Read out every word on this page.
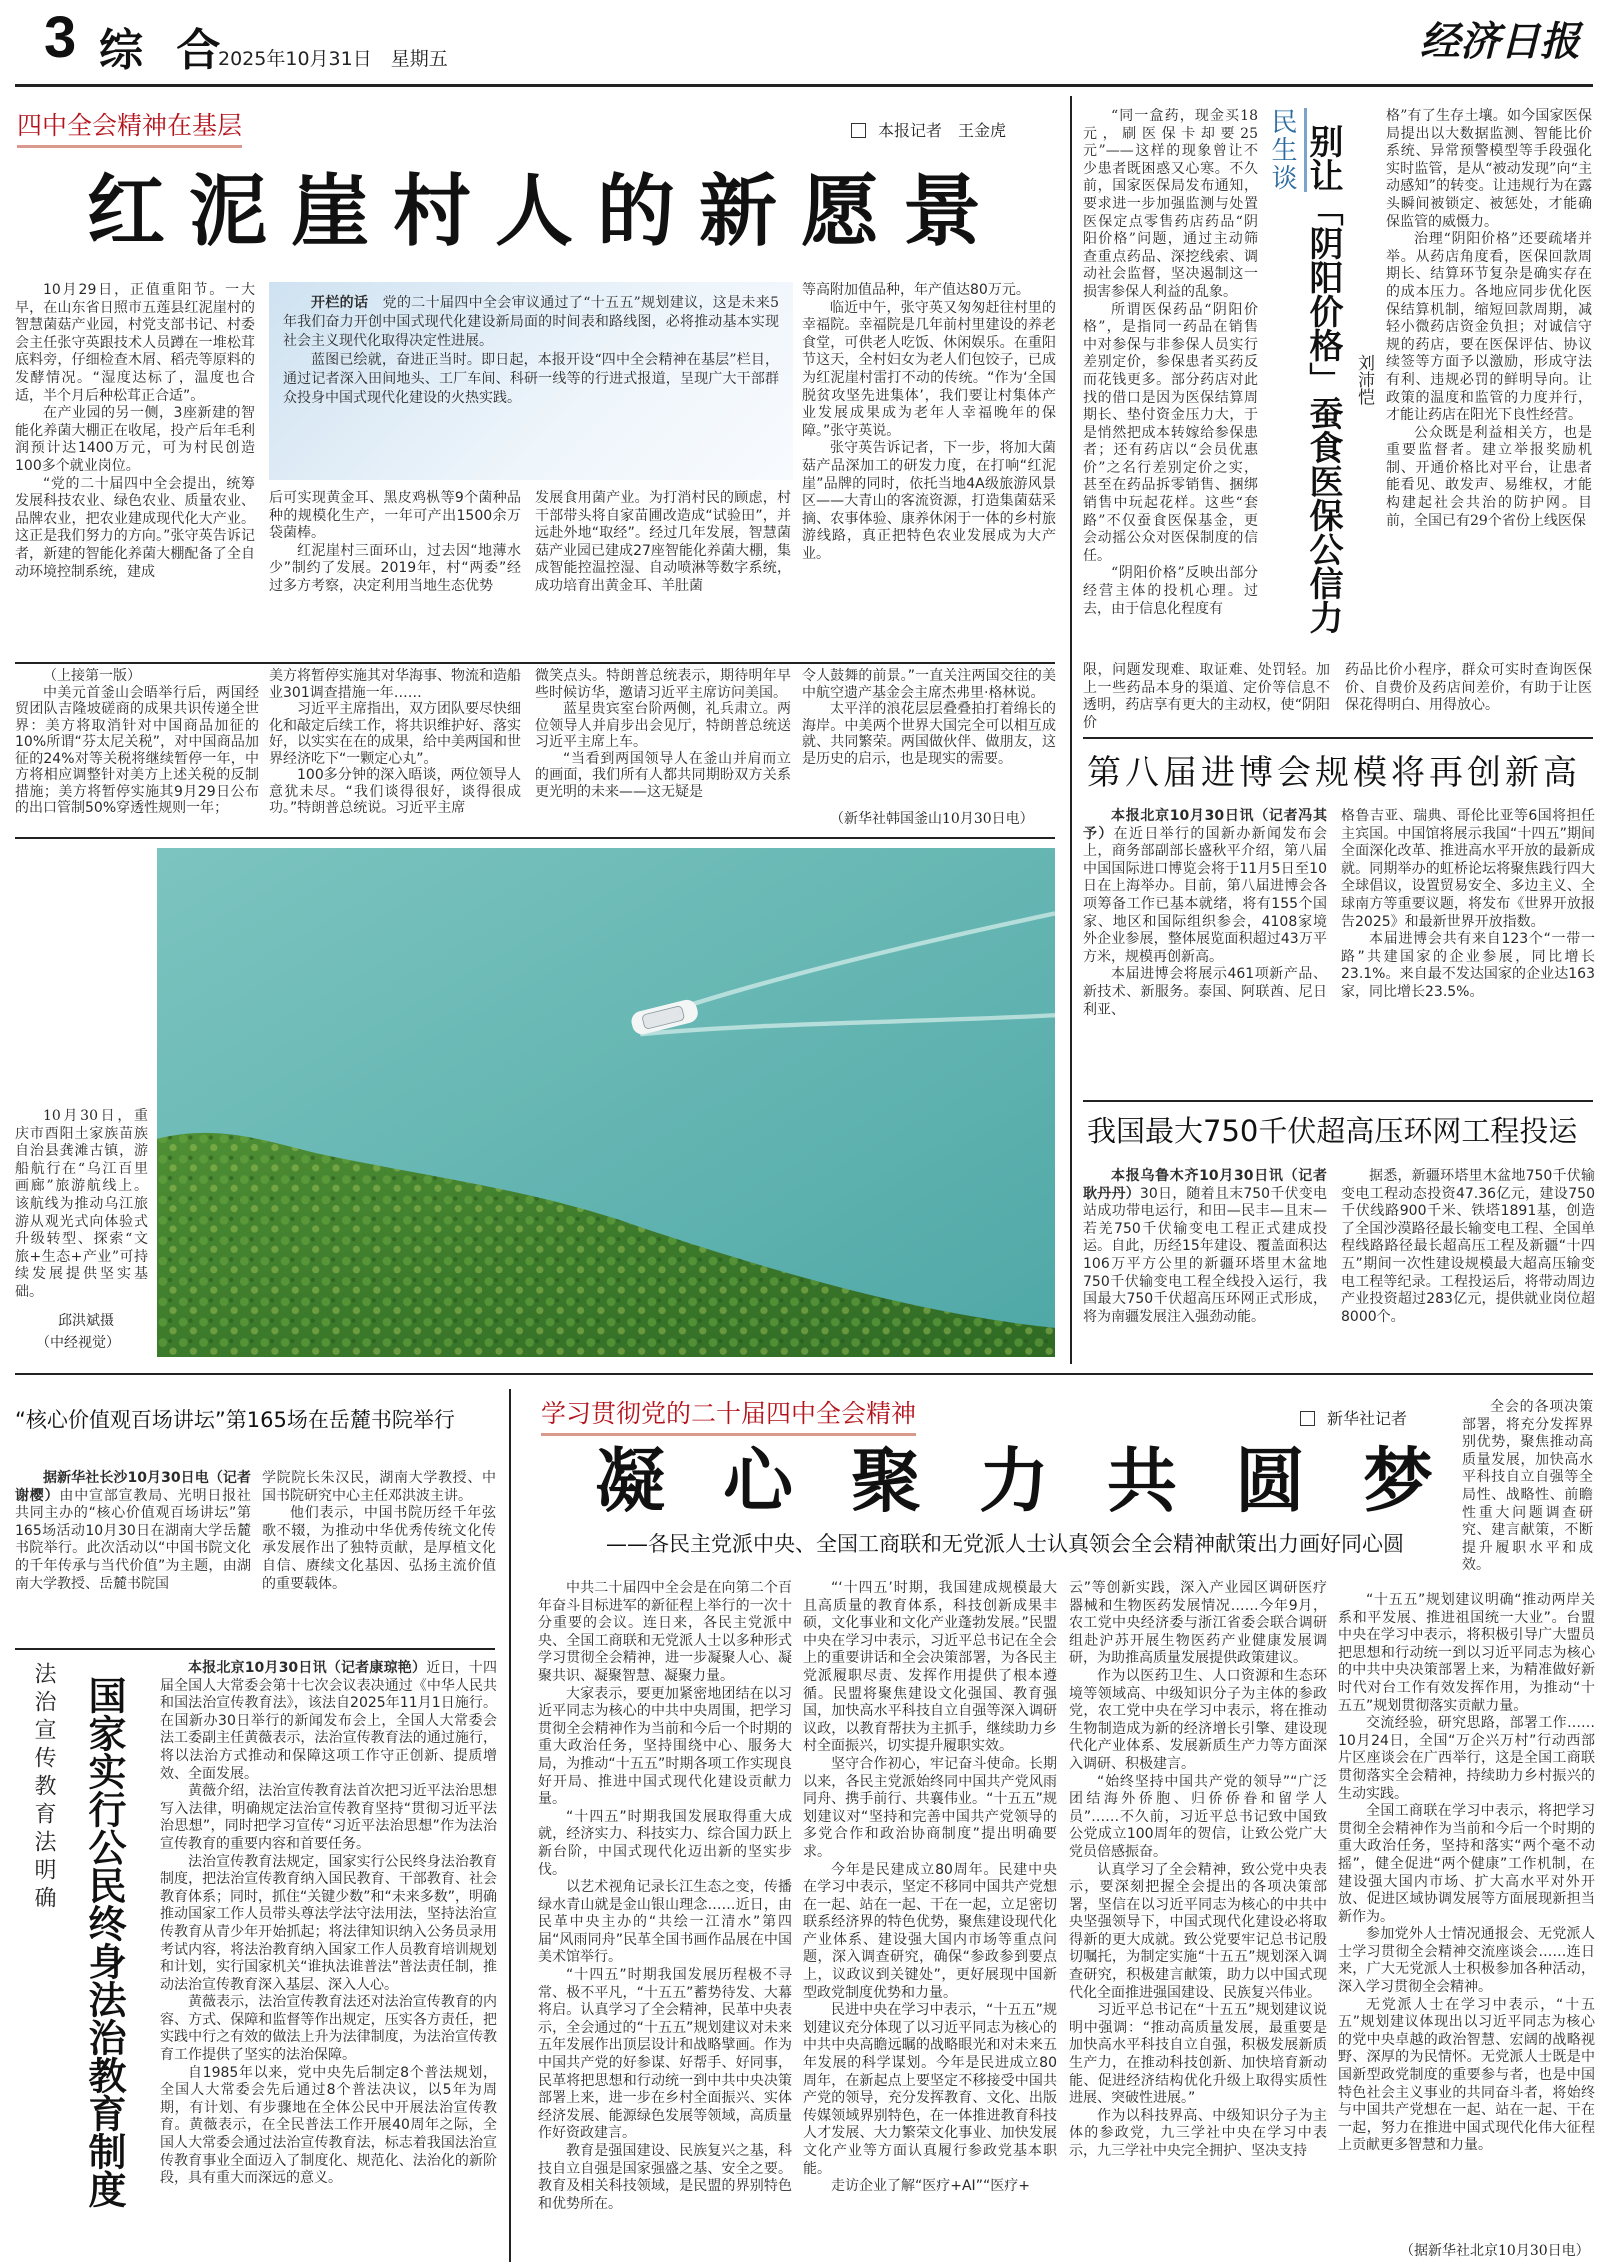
3 综 合
2025年10月31日　星期五	经济日报
四中全会精神在基层	本报记者　王金虎
红泥崖村人的新愿景

10月29日，正值重阳节。一大早，在山东省日照市五莲县红泥崖村的智慧菌菇产业园，村党支部书记、村委会主任张守英跟技术人员蹲在一堆松茸底料旁，仔细检查木屑、稻壳等原料的发酵情况。“湿度达标了，温度也合适，半个月后种松茸正合适”。

在产业园的另一侧，3座新建的智能化养菌大棚正在收尾，投产后年毛利润预计达1400万元，可为村民创造100多个就业岗位。

“党的二十届四中全会提出，统筹发展科技农业、绿色农业、质量农业、品牌农业，把农业建成现代化大产业。这正是我们努力的方向。”张守英告诉记者，新建的智能化养菌大棚配备了全自动环境控制系统，建成

开栏的话　 党的二十届四中全会审议通过了“十五五”规划建议，这是未来5年我们奋力开创中国式现代化建设新局面的时间表和路线图，必将推动基本实现社会主义现代化取得决定性进展。

蓝图已绘就，奋进正当时。即日起，本报开设“四中全会精神在基层”栏目，通过记者深入田间地头、工厂车间、科研一线等的行进式报道，呈现广大干部群众投身中国式现代化建设的火热实践。

后可实现黄金耳、黑皮鸡枞等9个菌种品种的规模化生产，一年可产出1500余万袋菌棒。

红泥崖村三面环山，过去因“地薄水少”制约了发展。2019年，村“两委”经过多方考察，决定利用当地生态优势

发展食用菌产业。为打消村民的顾虑，村干部带头将自家苗圃改造成“试验田”，并远赴外地“取经”。经过几年发展，智慧菌菇产业园已建成27座智能化养菌大棚，集成智能控温控湿、自动喷淋等数字系统，成功培育出黄金耳、羊肚菌

等高附加值品种，年产值达80万元。

临近中午，张守英又匆匆赶往村里的幸福院。幸福院是几年前村里建设的养老食堂，可供老人吃饭、休闲娱乐。在重阳节这天，全村妇女为老人们包饺子，已成为红泥崖村雷打不动的传统。“作为‘全国脱贫攻坚先进集体’，我们要让村集体产业发展成果成为老年人幸福晚年的保障。”张守英说。

张守英告诉记者，下一步，将加大菌菇产品深加工的研发力度，在打响“红泥崖”品牌的同时，依托当地4A级旅游风景区——大青山的客流资源，打造集菌菇采摘、农事体验、康养休闲于一体的乡村旅游线路，真正把特色农业发展成为大产业。

（上接第一版）

中美元首釜山会晤举行后，两国经贸团队吉隆坡磋商的成果共识传递全世界：美方将取消针对中国商品加征的10%所谓“芬太尼关税”，对中国商品加征的24%对等关税将继续暂停一年，中方将相应调整针对美方上述关税的反制措施；美方将暂停实施其9月29日公布的出口管制50%穿透性规则一年；

美方将暂停实施其对华海事、物流和造船业301调查措施一年……

习近平主席指出，双方团队要尽快细化和敲定后续工作，将共识维护好、落实好，以实实在在的成果，给中美两国和世界经济吃下“一颗定心丸”。

100多分钟的深入晤谈，两位领导人意犹未尽。“我们谈得很好，谈得很成功。”特朗普总统说。习近平主席

微笑点头。特朗普总统表示，期待明年早些时候访华，邀请习近平主席访问美国。

蓝星贵宾室台阶两侧，礼兵肃立。两位领导人并肩步出会见厅，特朗普总统送习近平主席上车。

“当看到两国领导人在釜山并肩而立的画面，我们所有人都共同期盼双方关系更光明的未来——这无疑是

令人鼓舞的前景。”一直关注两国交往的美中航空遗产基金会主席杰弗里·格林说。

太平洋的浪花层层叠叠拍打着绵长的海岸。中美两个世界大国完全可以相互成就、共同繁荣。两国做伙伴、做朋友，这是历史的启示，也是现实的需要。

（新华社韩国釜山10月30日电）

10月30日，重庆市酉阳土家族苗族自治县龚滩古镇，游船航行在“乌江百里画廊”旅游航线上。该航线为推动乌江旅游从观光式向体验式升级转型、探索“文旅+生态+产业”可持续发展提供坚实基础。

邱洪斌摄
（中经视觉）

“同一盒药，现金买18元，刷医保卡却要25元”——这样的现象曾让不少患者既困惑又心寒。不久前，国家医保局发布通知，要求进一步加强监测与处置医保定点零售药店药品“阴阳价格”问题，通过主动筛查重点药品、深挖线索、调动社会监督，坚决遏制这一损害参保人利益的乱象。

所谓医保药品“阴阳价格”，是指同一药品在销售中对参保与非参保人员实行差别定价，参保患者买药反而花钱更多。部分药店对此找的借口是因为医保结算周期长、垫付资金压力大，于是悄然把成本转嫁给参保患者；还有药店以“会员优惠价”之名行差别定价之实，甚至在药品拆零销售、捆绑销售中玩起花样。这些“套路”不仅蚕食医保基金，更会动摇公众对医保制度的信任。

“阴阳价格”反映出部分经营主体的投机心理。过去，由于信息化程度有

民生谈 别让「阴阳价格」蚕食医保公信力 刘沛恺

格”有了生存土壤。如今国家医保局提出以大数据监测、智能比价系统、异常预警模型等手段强化实时监管，是从“被动发现”向“主动感知”的转变。让违规行为在露头瞬间被锁定、被惩处，才能确保监管的威慑力。

治理“阴阳价格”还要疏堵并举。从药店角度看，医保回款周期长、结算环节复杂是确实存在的成本压力。各地应同步优化医保结算机制，缩短回款周期，减轻小微药店资金负担；对诚信守规的药店，要在医保评估、协议续签等方面予以激励，形成守法有利、违规必罚的鲜明导向。让政策的温度和监管的力度并行，才能让药店在阳光下良性经营。

公众既是利益相关方，也是重要监督者。建立举报奖励机制、开通价格比对平台，让患者能看见、敢发声、易维权，才能构建起社会共治的防护网。目前，全国已有29个省份上线医保

限，问题发现难、取证难、处罚轻。加上一些药品本身的渠道、定价等信息不透明，药店享有更大的主动权，使“阴阳价

药品比价小程序，群众可实时查询医保价、自费价及药店间差价，有助于让医保花得明白、用得放心。

第八届进博会规模将再创新高

本报北京10月30日讯（记者冯其予）在近日举行的国新办新闻发布会上，商务部副部长盛秋平介绍，第八届中国国际进口博览会将于11月5日至10日在上海举办。目前，第八届进博会各项筹备工作已基本就绪，将有155个国家、地区和国际组织参会，4108家境外企业参展，整体展览面积超过43万平方米，规模再创新高。

本届进博会将展示461项新产品、新技术、新服务。泰国、阿联酋、尼日利亚、

格鲁吉亚、瑞典、哥伦比亚等6国将担任主宾国。中国馆将展示我国“十四五”期间全面深化改革、推进高水平开放的最新成就。同期举办的虹桥论坛将聚焦践行四大全球倡议，设置贸易安全、多边主义、全球南方等重要议题，将发布《世界开放报告2025》和最新世界开放指数。

本届进博会共有来自123个“一带一路”共建国家的企业参展，同比增长23.1%。来自最不发达国家的企业达163家，同比增长23.5%。

我国最大750千伏超高压环网工程投运

本报乌鲁木齐10月30日讯（记者耿丹丹）30日，随着且末750千伏变电站成功带电运行，和田—民丰—且末—若羌750千伏输变电工程正式建成投运。自此，历经15年建设、覆盖面积达106万平方公里的新疆环塔里木盆地750千伏输变电工程全线投入运行，我国最大750千伏超高压环网正式形成，将为南疆发展注入强劲动能。

据悉，新疆环塔里木盆地750千伏输变电工程动态投资47.36亿元，建设750千伏线路900千米、铁塔1891基，创造了全国沙漠路径最长输变电工程、全国单程线路路径最长超高压工程及新疆“十四五”期间一次性建设规模最大超高压输变电工程等纪录。工程投运后，将带动周边产业投资超过283亿元，提供就业岗位超8000个。

“核心价值观百场讲坛”第165场在岳麓书院举行

据新华社长沙10月30日电（记者谢樱）由中宣部宣教局、光明日报社共同主办的“核心价值观百场讲坛”第165场活动10月30日在湖南大学岳麓书院举行。此次活动以“中国书院文化的千年传承与当代价值”为主题，由湖南大学教授、岳麓书院国

学院院长朱汉民，湖南大学教授、中国书院研究中心主任邓洪波主讲。

他们表示，中国书院历经千年弦歌不辍，为推动中华优秀传统文化传承发展作出了独特贡献，是厚植文化自信、赓续文化基因、弘扬主流价值的重要载体。

法治宣传教育法明确 国家实行公民终身法治教育制度

本报北京10月30日讯（记者康琼艳）近日，十四届全国人大常委会第十七次会议表决通过《中华人民共和国法治宣传教育法》，该法自2025年11月1日施行。在国新办30日举行的新闻发布会上，全国人大常委会法工委副主任黄薇表示，法治宣传教育法的通过施行，将以法治方式推动和保障这项工作守正创新、提质增效、全面发展。

黄薇介绍，法治宣传教育法首次把习近平法治思想写入法律，明确规定法治宣传教育坚持“贯彻习近平法治思想”，同时把学习宣传“习近平法治思想”作为法治宣传教育的重要内容和首要任务。

法治宣传教育法规定，国家实行公民终身法治教育制度，把法治宣传教育纳入国民教育、干部教育、社会教育体系；同时，抓住“关键少数”和“未来多数”，明确推动国家工作人员带头尊法学法守法用法，坚持法治宣传教育从青少年开始抓起；将法律知识纳入公务员录用考试内容，将法治教育纳入国家工作人员教育培训规划和计划，实行国家机关“谁执法谁普法”普法责任制，推动法治宣传教育深入基层、深入人心。

黄薇表示，法治宣传教育法还对法治宣传教育的内容、方式、保障和监督等作出规定，压实各方责任，把实践中行之有效的做法上升为法律制度，为法治宣传教育工作提供了坚实的法治保障。

自1985年以来，党中央先后制定8个普法规划，全国人大常委会先后通过8个普法决议，以5年为周期，有计划、有步骤地在全体公民中开展法治宣传教育。黄薇表示，在全民普法工作开展40周年之际，全国人大常委会通过法治宣传教育法，标志着我国法治宣传教育事业全面迈入了制度化、规范化、法治化的新阶段，具有重大而深远的意义。

学习贯彻党的二十届四中全会精神	新华社记者
凝心聚力共圆梦
——各民主党派中央、全国工商联和无党派人士认真领会全会精神献策出力画好同心圆

全会的各项决策部署，将充分发挥界别优势，聚焦推动高质量发展，加快高水平科技自立自强等全局性、战略性、前瞻性重大问题调查研究、建言献策，不断提升履职水平和成效。

中共二十届四中全会是在向第二个百年奋斗目标进军的新征程上举行的一次十分重要的会议。连日来，各民主党派中央、全国工商联和无党派人士以多种形式学习贯彻全会精神，进一步凝聚人心、凝聚共识、凝聚智慧、凝聚力量。

大家表示，要更加紧密地团结在以习近平同志为核心的中共中央周围，把学习贯彻全会精神作为当前和今后一个时期的重大政治任务，坚持围绕中心、服务大局，为推动“十五五”时期各项工作实现良好开局、推进中国式现代化建设贡献力量。

“十四五”时期我国发展取得重大成就，经济实力、科技实力、综合国力跃上新台阶，中国式现代化迈出新的坚实步伐。

以艺术视角记录长江生态之变，传播绿水青山就是金山银山理念……近日，由民革中央主办的“共绘一江清水”第四届“风雨同舟”民革全国书画作品展在中国美术馆举行。

“十四五”时期我国发展历程极不寻常、极不平凡，“十五五”蓄势待发、大幕将启。认真学习了全会精神，民革中央表示，全会通过的“十五五”规划建议对未来五年发展作出顶层设计和战略擘画。作为中国共产党的好参谋、好帮手、好同事，民革将把思想和行动统一到中共中央决策部署上来，进一步在乡村全面振兴、实体经济发展、能源绿色发展等领域，高质量作好资政建言。

教育是强国建设、民族复兴之基，科技自立自强是国家强盛之基、安全之要。教育及相关科技领域，是民盟的界别特色和优势所在。

“‘十四五’时期，我国建成规模最大且高质量的教育体系，科技创新成果丰硕，文化事业和文化产业蓬勃发展。”民盟中央在学习中表示，习近平总书记在全会上的重要讲话和全会决策部署，为各民主党派履职尽责、发挥作用提供了根本遵循。民盟将聚焦建设文化强国、教育强国，加快高水平科技自立自强等深入调研议政，以教育帮扶为主抓手，继续助力乡村全面振兴，切实提升履职实效。

坚守合作初心，牢记奋斗使命。长期以来，各民主党派始终同中国共产党风雨同舟、携手前行、共襄伟业。“十五五”规划建议对“坚持和完善中国共产党领导的多党合作和政治协商制度”提出明确要求。

今年是民建成立80周年。民建中央在学习中表示，坚定不移同中国共产党想在一起、站在一起、干在一起，立足密切联系经济界的特色优势，聚焦建设现代化产业体系、建设强大国内市场等重点问题，深入调查研究，确保“参政参到要点上，议政议到关键处”，更好展现中国新型政党制度优势和力量。

民进中央在学习中表示，“十五五”规划建议充分体现了以习近平同志为核心的中共中央高瞻远瞩的战略眼光和对未来五年发展的科学谋划。今年是民进成立80周年，在新起点上要坚定不移接受中国共产党的领导，充分发挥教育、文化、出版传媒领域界别特色，在一体推进教育科技人才发展、大力繁荣文化事业、加快发展文化产业等方面认真履行参政党基本职能。

走访企业了解“医疗+AI”“医疗+

云”等创新实践，深入产业园区调研医疗器械和生物医药发展情况……今年9月，农工党中央经济委与浙江省委会联合调研组赴沪苏开展生物医药产业健康发展调研，为助推高质量发展提供政策建议。

作为以医药卫生、人口资源和生态环境等领域高、中级知识分子为主体的参政党，农工党中央在学习中表示，将在推动生物制造成为新的经济增长引擎、建设现代化产业体系、发展新质生产力等方面深入调研、积极建言。

“始终坚持中国共产党的领导”“广泛团结海外侨胞、归侨侨眷和留学人员”……不久前，习近平总书记致中国致公党成立100周年的贺信，让致公党广大党员倍感振奋。

认真学习了全会精神，致公党中央表示，要深刻把握全会提出的各项决策部署，坚信在以习近平同志为核心的中共中央坚强领导下，中国式现代化建设必将取得新的更大成就。致公党要牢记总书记殷切嘱托，为制定实施“十五五”规划深入调查研究，积极建言献策，助力以中国式现代化全面推进强国建设、民族复兴伟业。

习近平总书记在“十五五”规划建议说明中强调：“推动高质量发展，最重要是加快高水平科技自立自强，积极发展新质生产力，在推动科技创新、加快培育新动能、促进经济结构优化升级上取得实质性进展、突破性进展。”

作为以科技界高、中级知识分子为主体的参政党，九三学社中央在学习中表示，九三学社中央完全拥护、坚决支持

“十五五”规划建议明确“推动两岸关系和平发展、推进祖国统一大业”。台盟中央在学习中表示，将积极引导广大盟员把思想和行动统一到以习近平同志为核心的中共中央决策部署上来，为精准做好新时代对台工作有效发挥作用，为推动“十五五”规划贯彻落实贡献力量。

交流经验，研究思路，部署工作……10月24日，全国“万企兴万村”行动西部片区座谈会在广西举行，这是全国工商联贯彻落实全会精神，持续助力乡村振兴的生动实践。

全国工商联在学习中表示，将把学习贯彻全会精神作为当前和今后一个时期的重大政治任务，坚持和落实“两个毫不动摇”，健全促进“两个健康”工作机制，在建设强大国内市场、扩大高水平对外开放、促进区域协调发展等方面展现新担当新作为。

参加党外人士情况通报会、无党派人士学习贯彻全会精神交流座谈会……连日来，广大无党派人士积极参加各种活动，深入学习贯彻全会精神。

无党派人士在学习中表示，“十五五”规划建议体现出以习近平同志为核心的党中央卓越的政治智慧、宏阔的战略视野、深厚的为民情怀。无党派人士既是中国新型政党制度的重要参与者，也是中国特色社会主义事业的共同奋斗者，将始终与中国共产党想在一起、站在一起、干在一起，努力在推进中国式现代化伟大征程上贡献更多智慧和力量。

（据新华社北京10月30日电）
